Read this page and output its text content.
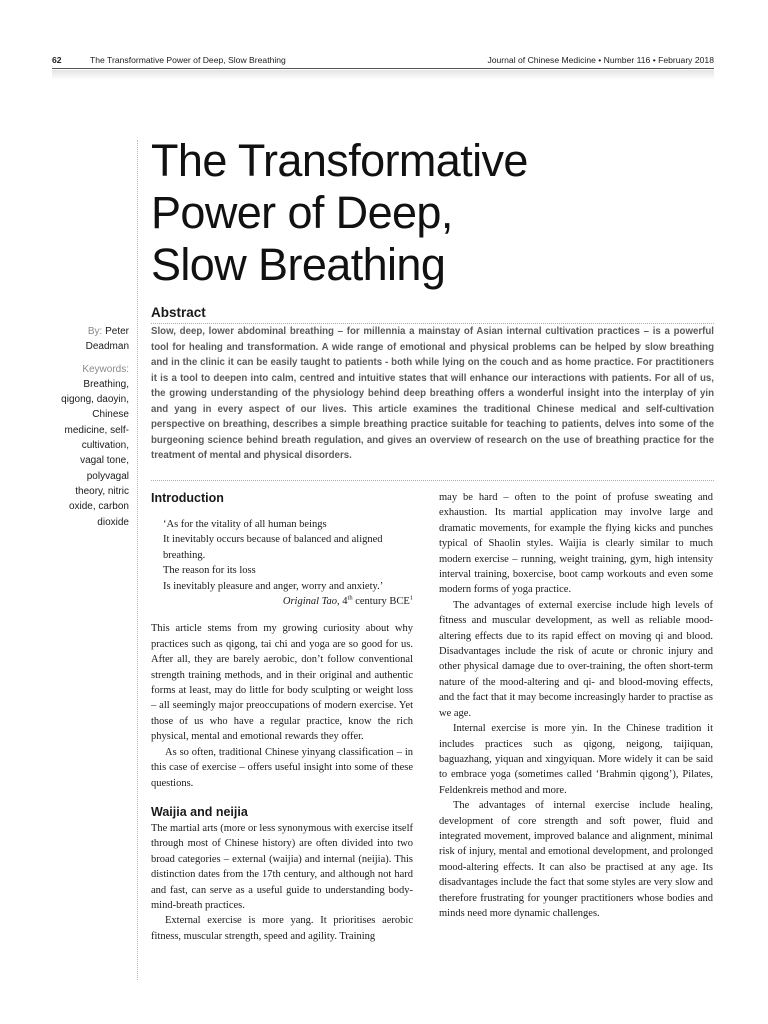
62	The Transformative Power of Deep, Slow Breathing	Journal of Chinese Medicine • Number 116 • February 2018
The Transformative
Power of Deep,
Slow Breathing
Abstract

Slow, deep, lower abdominal breathing – for millennia a mainstay of Asian internal cultivation practices – is a powerful tool for healing and transformation. A wide range of emotional and physical problems can be helped by slow breathing and in the clinic it can be easily taught to patients - both while lying on the couch and as home practice. For practitioners it is a tool to deepen into calm, centred and intuitive states that will enhance our interactions with patients. For all of us, the growing understanding of the physiology behind deep breathing offers a wonderful insight into the interplay of yin and yang in every aspect of our lives. This article examines the traditional Chinese medical and self-cultivation perspective on breathing, describes a simple breathing practice suitable for teaching to patients, delves into some of the burgeoning science behind breath regulation, and gives an overview of research on the use of breathing practice for the treatment of mental and physical disorders.

By: Peter
Deadman
Keywords:
Breathing,
qigong, daoyin,
Chinese
medicine, self-
cultivation,
vagal tone,
polyvagal
theory, nitric
oxide, carbon
dioxide
Introduction
‘As for the vitality of all human beings
It inevitably occurs because of balanced and aligned breathing.
The reason for its loss
Is inevitably pleasure and anger, worry and anxiety.’
Original Tao, 4th century BCE$^1$

This article stems from my growing curiosity about why practices such as qigong, tai chi and yoga are so good for us. After all, they are barely aerobic, don’t follow conventional strength training methods, and in their original and authentic forms at least, may do little for body sculpting or weight loss – all seemingly major preoccupations of modern exercise. Yet those of us who have a regular practice, know the rich physical, mental and emotional rewards they offer.

As so often, traditional Chinese yinyang classification – in this case of exercise – offers useful insight into some of these questions.

Waijia and neijia

The martial arts (more or less synonymous with exercise itself through most of Chinese history) are often divided into two broad categories – external (waijia) and internal (neijia). This distinction dates from the 17th century, and although not hard and fast, can serve as a useful guide to understanding body-mind-breath practices.

External exercise is more yang. It prioritises aerobic fitness, muscular strength, speed and agility. Training

may be hard – often to the point of profuse sweating and exhaustion. Its martial application may involve large and dramatic movements, for example the flying kicks and punches typical of Shaolin styles. Waijia is clearly similar to much modern exercise – running, weight training, gym, high intensity interval training, boxercise, boot camp workouts and even some modern forms of yoga practice.

The advantages of external exercise include high levels of fitness and muscular development, as well as reliable mood-altering effects due to its rapid effect on moving qi and blood. Disadvantages include the risk of acute or chronic injury and other physical damage due to over-training, the often short-term nature of the mood-altering and qi- and blood-moving effects, and the fact that it may become increasingly harder to practise as we age.

Internal exercise is more yin. In the Chinese tradition it includes practices such as qigong, neigong, taijiquan, baguazhang, yiquan and xingyiquan. More widely it can be said to embrace yoga (sometimes called ‘Brahmin qigong’), Pilates, Feldenkreis method and more.

The advantages of internal exercise include healing, development of core strength and soft power, fluid and integrated movement, improved balance and alignment, minimal risk of injury, mental and emotional development, and prolonged mood-altering effects. It can also be practised at any age. Its disadvantages include the fact that some styles are very slow and therefore frustrating for younger practitioners whose bodies and minds need more dynamic challenges.
